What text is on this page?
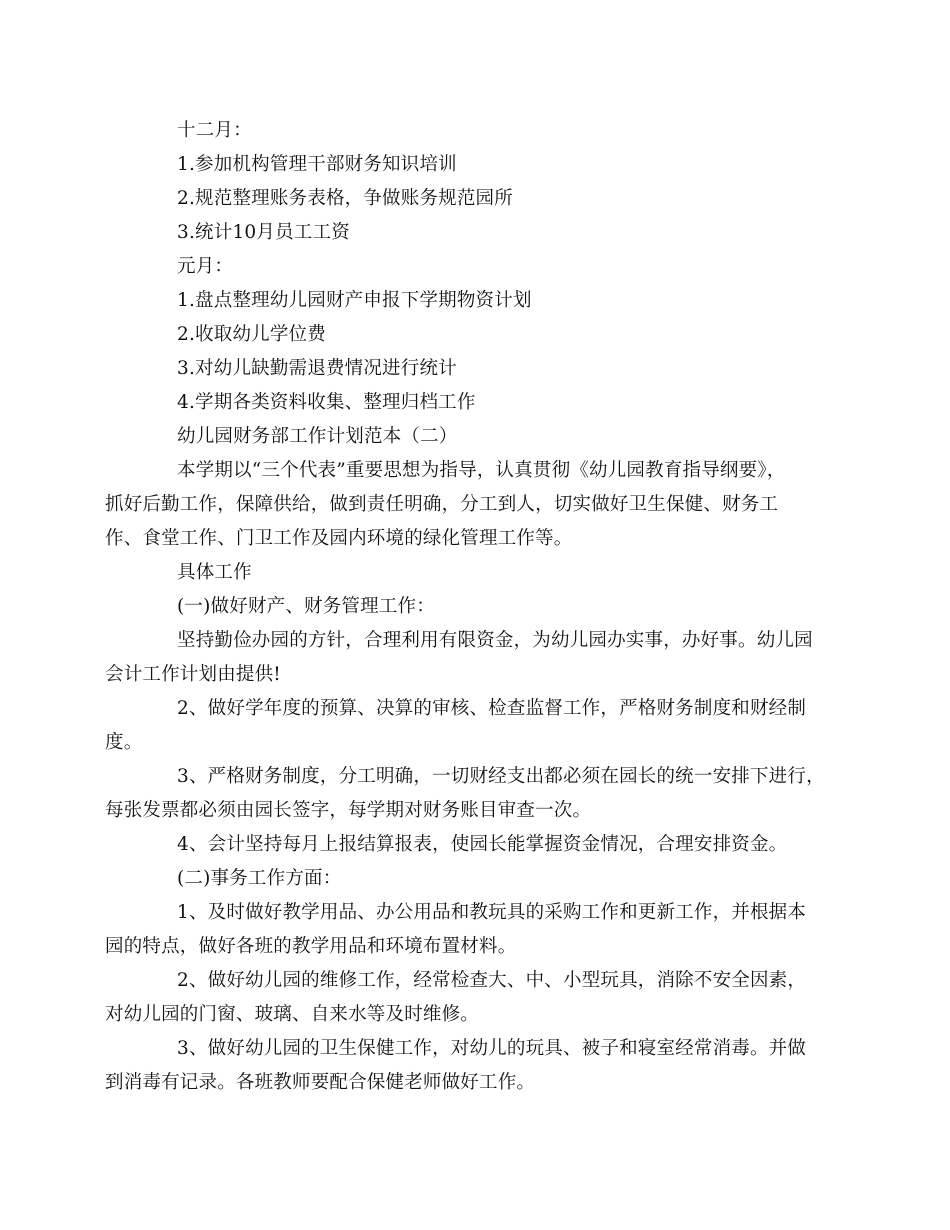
十二月：

1.参加机构管理干部财务知识培训

2.规范整理账务表格，争做账务规范园所

3.统计10月员工工资

元月：

1.盘点整理幼儿园财产申报下学期物资计划

2.收取幼儿学位费

3.对幼儿缺勤需退费情况进行统计

4.学期各类资料收集、整理归档工作

幼儿园财务部工作计划范本（二）

本学期以“三个代表”重要思想为指导，认真贯彻《幼儿园教育指导纲要》，
抓好后勤工作，保障供给，做到责任明确，分工到人，切实做好卫生保健、财务工
作、食堂工作、门卫工作及园内环境的绿化管理工作等。

具体工作

(一)做好财产、财务管理工作：

坚持勤俭办园的方针，合理利用有限资金，为幼儿园办实事，办好事。幼儿园
会计工作计划由提供!

2、做好学年度的预算、决算的审核、检查监督工作，严格财务制度和财经制
度。

3、严格财务制度，分工明确，一切财经支出都必须在园长的统一安排下进行，
每张发票都必须由园长签字，每学期对财务账目审查一次。

4、会计坚持每月上报结算报表，使园长能掌握资金情况，合理安排资金。

(二)事务工作方面：

1、及时做好教学用品、办公用品和教玩具的采购工作和更新工作，并根据本
园的特点，做好各班的教学用品和环境布置材料。

2、做好幼儿园的维修工作，经常检查大、中、小型玩具，消除不安全因素，
对幼儿园的门窗、玻璃、自来水等及时维修。

3、做好幼儿园的卫生保健工作，对幼儿的玩具、被子和寝室经常消毒。并做
到消毒有记录。各班教师要配合保健老师做好工作。
